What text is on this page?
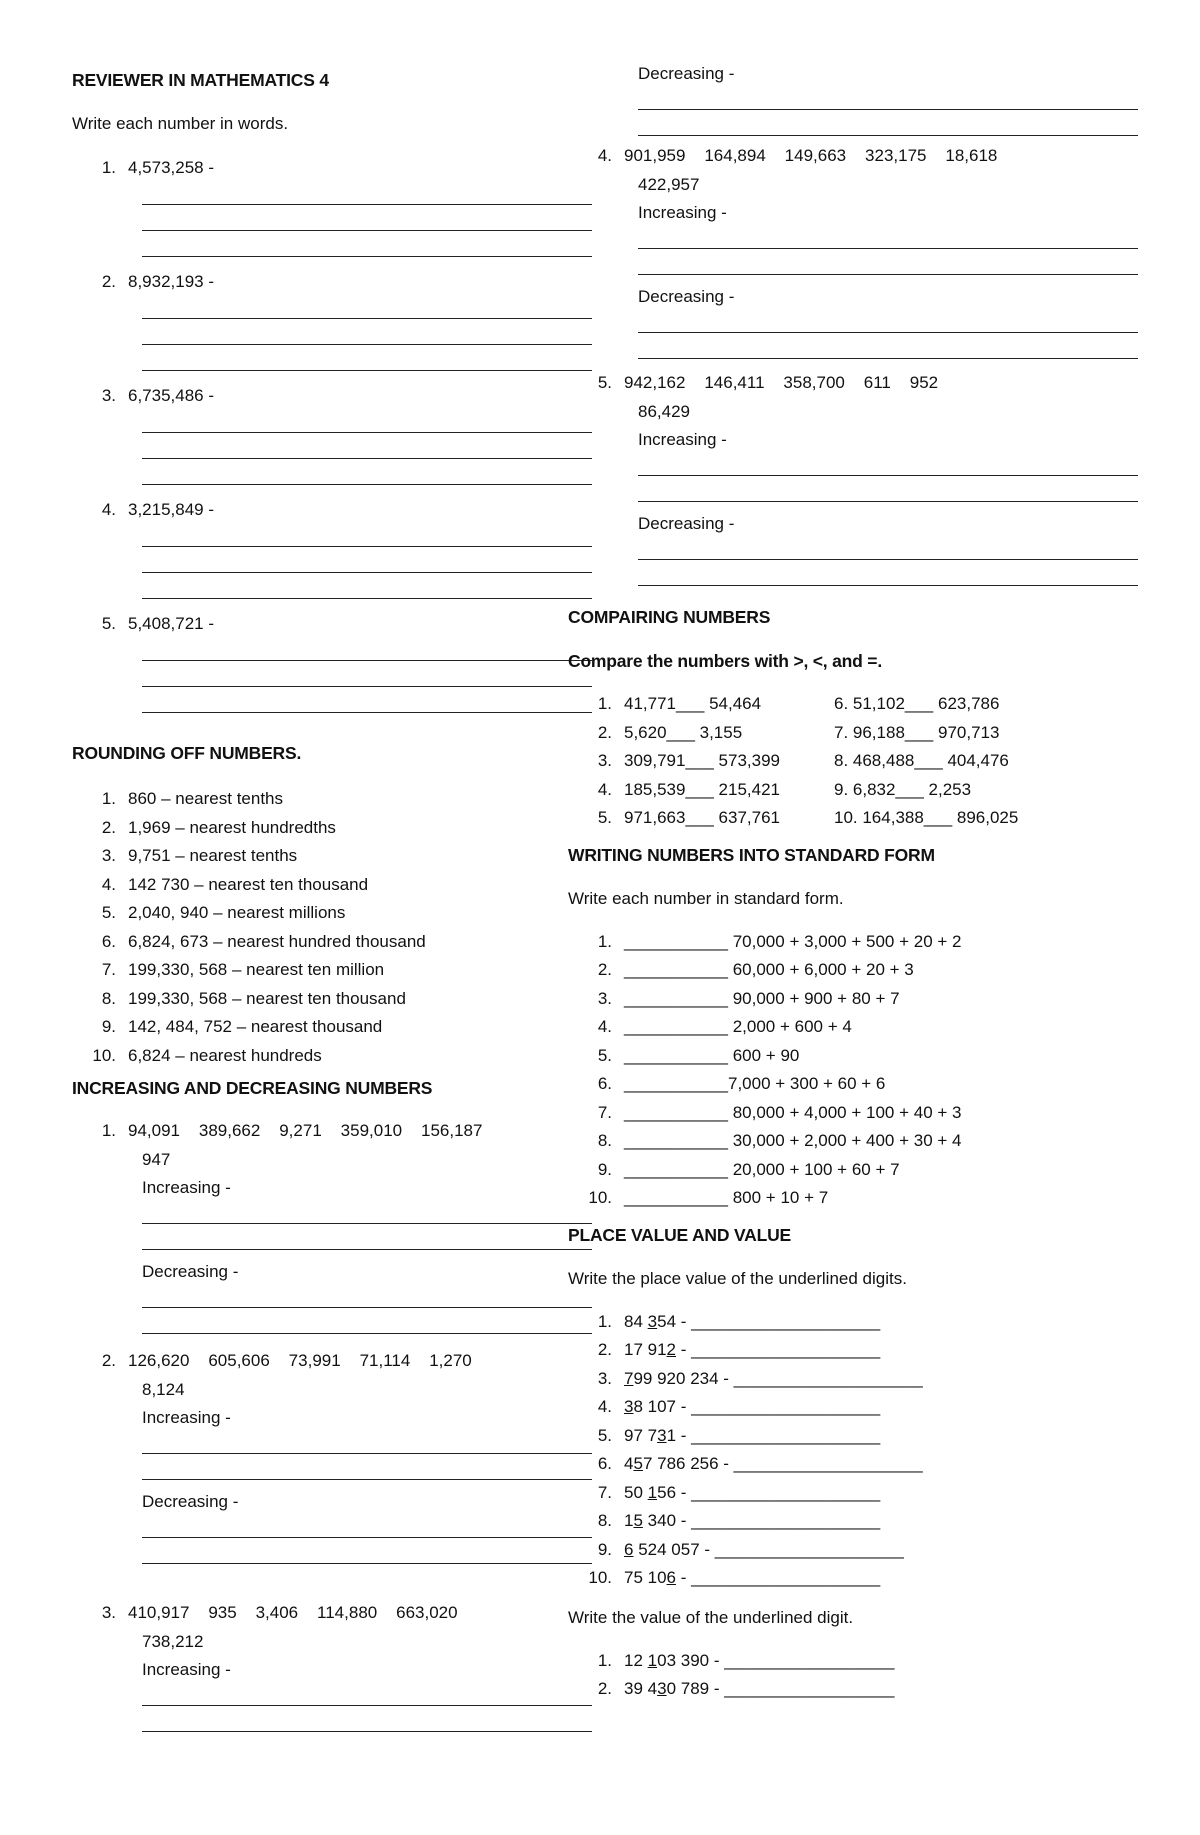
REVIEWER IN MATHEMATICS 4
Write each number in words.
1. 4,573,258 -
2. 8,932,193 -
3. 6,735,486 -
4. 3,215,849 -
5. 5,408,721 -
ROUNDING OFF NUMBERS.
1. 860 – nearest tenths
2. 1,969 – nearest hundredths
3. 9,751 – nearest tenths
4. 142 730 – nearest ten thousand
5. 2,040, 940 – nearest millions
6. 6,824, 673 – nearest hundred thousand
7. 199,330, 568 – nearest ten million
8. 199,330, 568 – nearest ten thousand
9. 142, 484, 752 – nearest thousand
10. 6,824 – nearest hundreds
INCREASING AND DECREASING NUMBERS
1. 94,091    389,662    9,271    359,010    156,187
947
Increasing -
Decreasing -
2. 126,620    605,606    73,991    71,114    1,270
8,124
Increasing -
Decreasing -
3. 410,917    935    3,406    114,880    663,020
738,212
Increasing -
Decreasing -
4. 901,959    164,894    149,663    323,175    18,618
422,957
Increasing -
Decreasing -
5. 942,162    146,411    358,700    611    952
86,429
Increasing -
Decreasing -
COMPAIRING NUMBERS
Compare the numbers with >, <, and =.
1. 41,771___ 54,464	6. 51,102___ 623,786
2. 5,620___ 3,155	7. 96,188___ 970,713
3. 309,791___ 573,399	8. 468,488___ 404,476
4. 185,539___ 215,421	9. 6,832___ 2,253
5. 971,663___ 637,761	10. 164,388___ 896,025
WRITING NUMBERS INTO STANDARD FORM
Write each number in standard form.
1. ___________ 70,000 + 3,000 + 500 + 20 + 2
2. ___________ 60,000 + 6,000 + 20 + 3
3. ___________ 90,000 + 900 + 80 + 7
4. ___________ 2,000 + 600 + 4
5. ___________ 600 + 90
6. ___________7,000 + 300 + 60 + 6
7. ___________ 80,000 + 4,000 + 100 + 40 + 3
8. ___________ 30,000 + 2,000 + 400 + 30 + 4
9. ___________ 20,000 + 100 + 60 + 7
10. ___________ 800 + 10 + 7
PLACE VALUE AND VALUE
Write the place value of the underlined digits.
1. 84 3 54 - ____________________
2. 17 91 2 - ____________________
3. 7 99 920 234 - ____________________
4. 3 8 107 - ____________________
5. 97 7 3 1 - ____________________
6. 4 5 7 786 256 - ____________________
7. 50 1 56 - ____________________
8. 1 5 340 - ____________________
9. 6 524 057 - ____________________
10. 75 10 6 - ____________________
Write the value of the underlined digit.
1. 12 1 03 390 - __________________
2. 39 4 3 0 789 - __________________
